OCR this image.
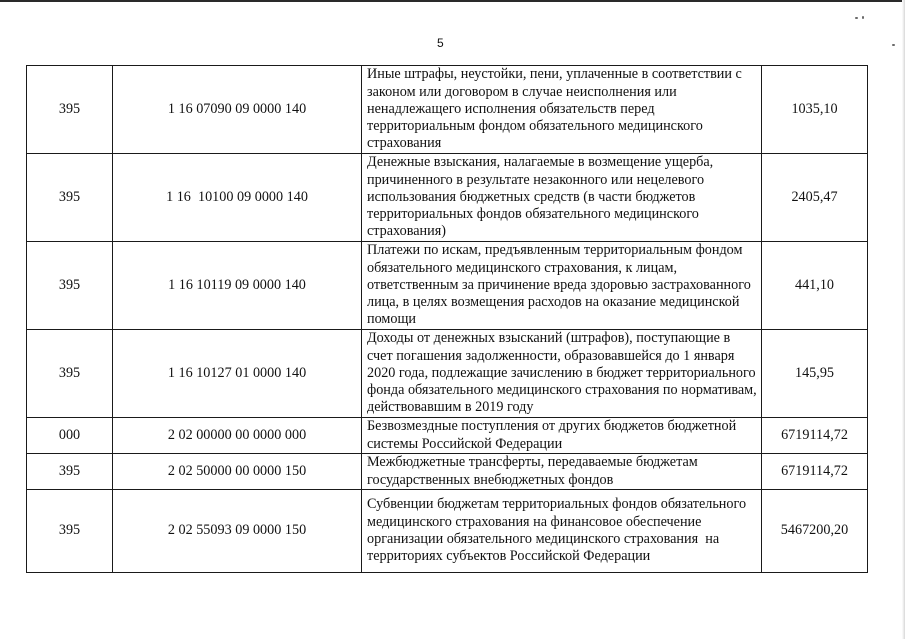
5
395	1 16 07090 09 0000 140	Иные штрафы, неустойки, пени, уплаченные в соответствии с законом или договором в случае неисполнения или ненадлежащего исполнения обязательств перед территориальным фондом обязательного медицинского страхования	1035,10
395	1 16  10100 09 0000 140	Денежные взыскания, налагаемые в возмещение ущерба, причиненного в результате незаконного или нецелевого использования бюджетных средств (в части бюджетов территориальных фондов обязательного медицинского страхования)	2405,47
395	1 16 10119 09 0000 140	Платежи по искам, предъявленным территориальным фондом обязательного медицинского страхования, к лицам, ответственным за причинение вреда здоровью застрахованного лица, в целях возмещения расходов на оказание медицинской помощи	441,10
395	1 16 10127 01 0000 140	Доходы от денежных взысканий (штрафов), поступающие в счет погашения задолженности, образовавшейся до 1 января 2020 года, подлежащие зачислению в бюджет территориального фонда обязательного медицинского страхования по нормативам, действовавшим в 2019 году	145,95
000	2 02 00000 00 0000 000	Безвозмездные поступления от других бюджетов бюджетной системы Российской Федерации	6719114,72
395	2 02 50000 00 0000 150	Межбюджетные трансферты, передаваемые бюджетам государственных внебюджетных фондов	6719114,72
395	2 02 55093 09 0000 150	Субвенции бюджетам территориальных фондов обязательного медицинского страхования на финансовое обеспечение организации обязательного медицинского страхования  на территориях субъектов Российской Федерации	5467200,20
